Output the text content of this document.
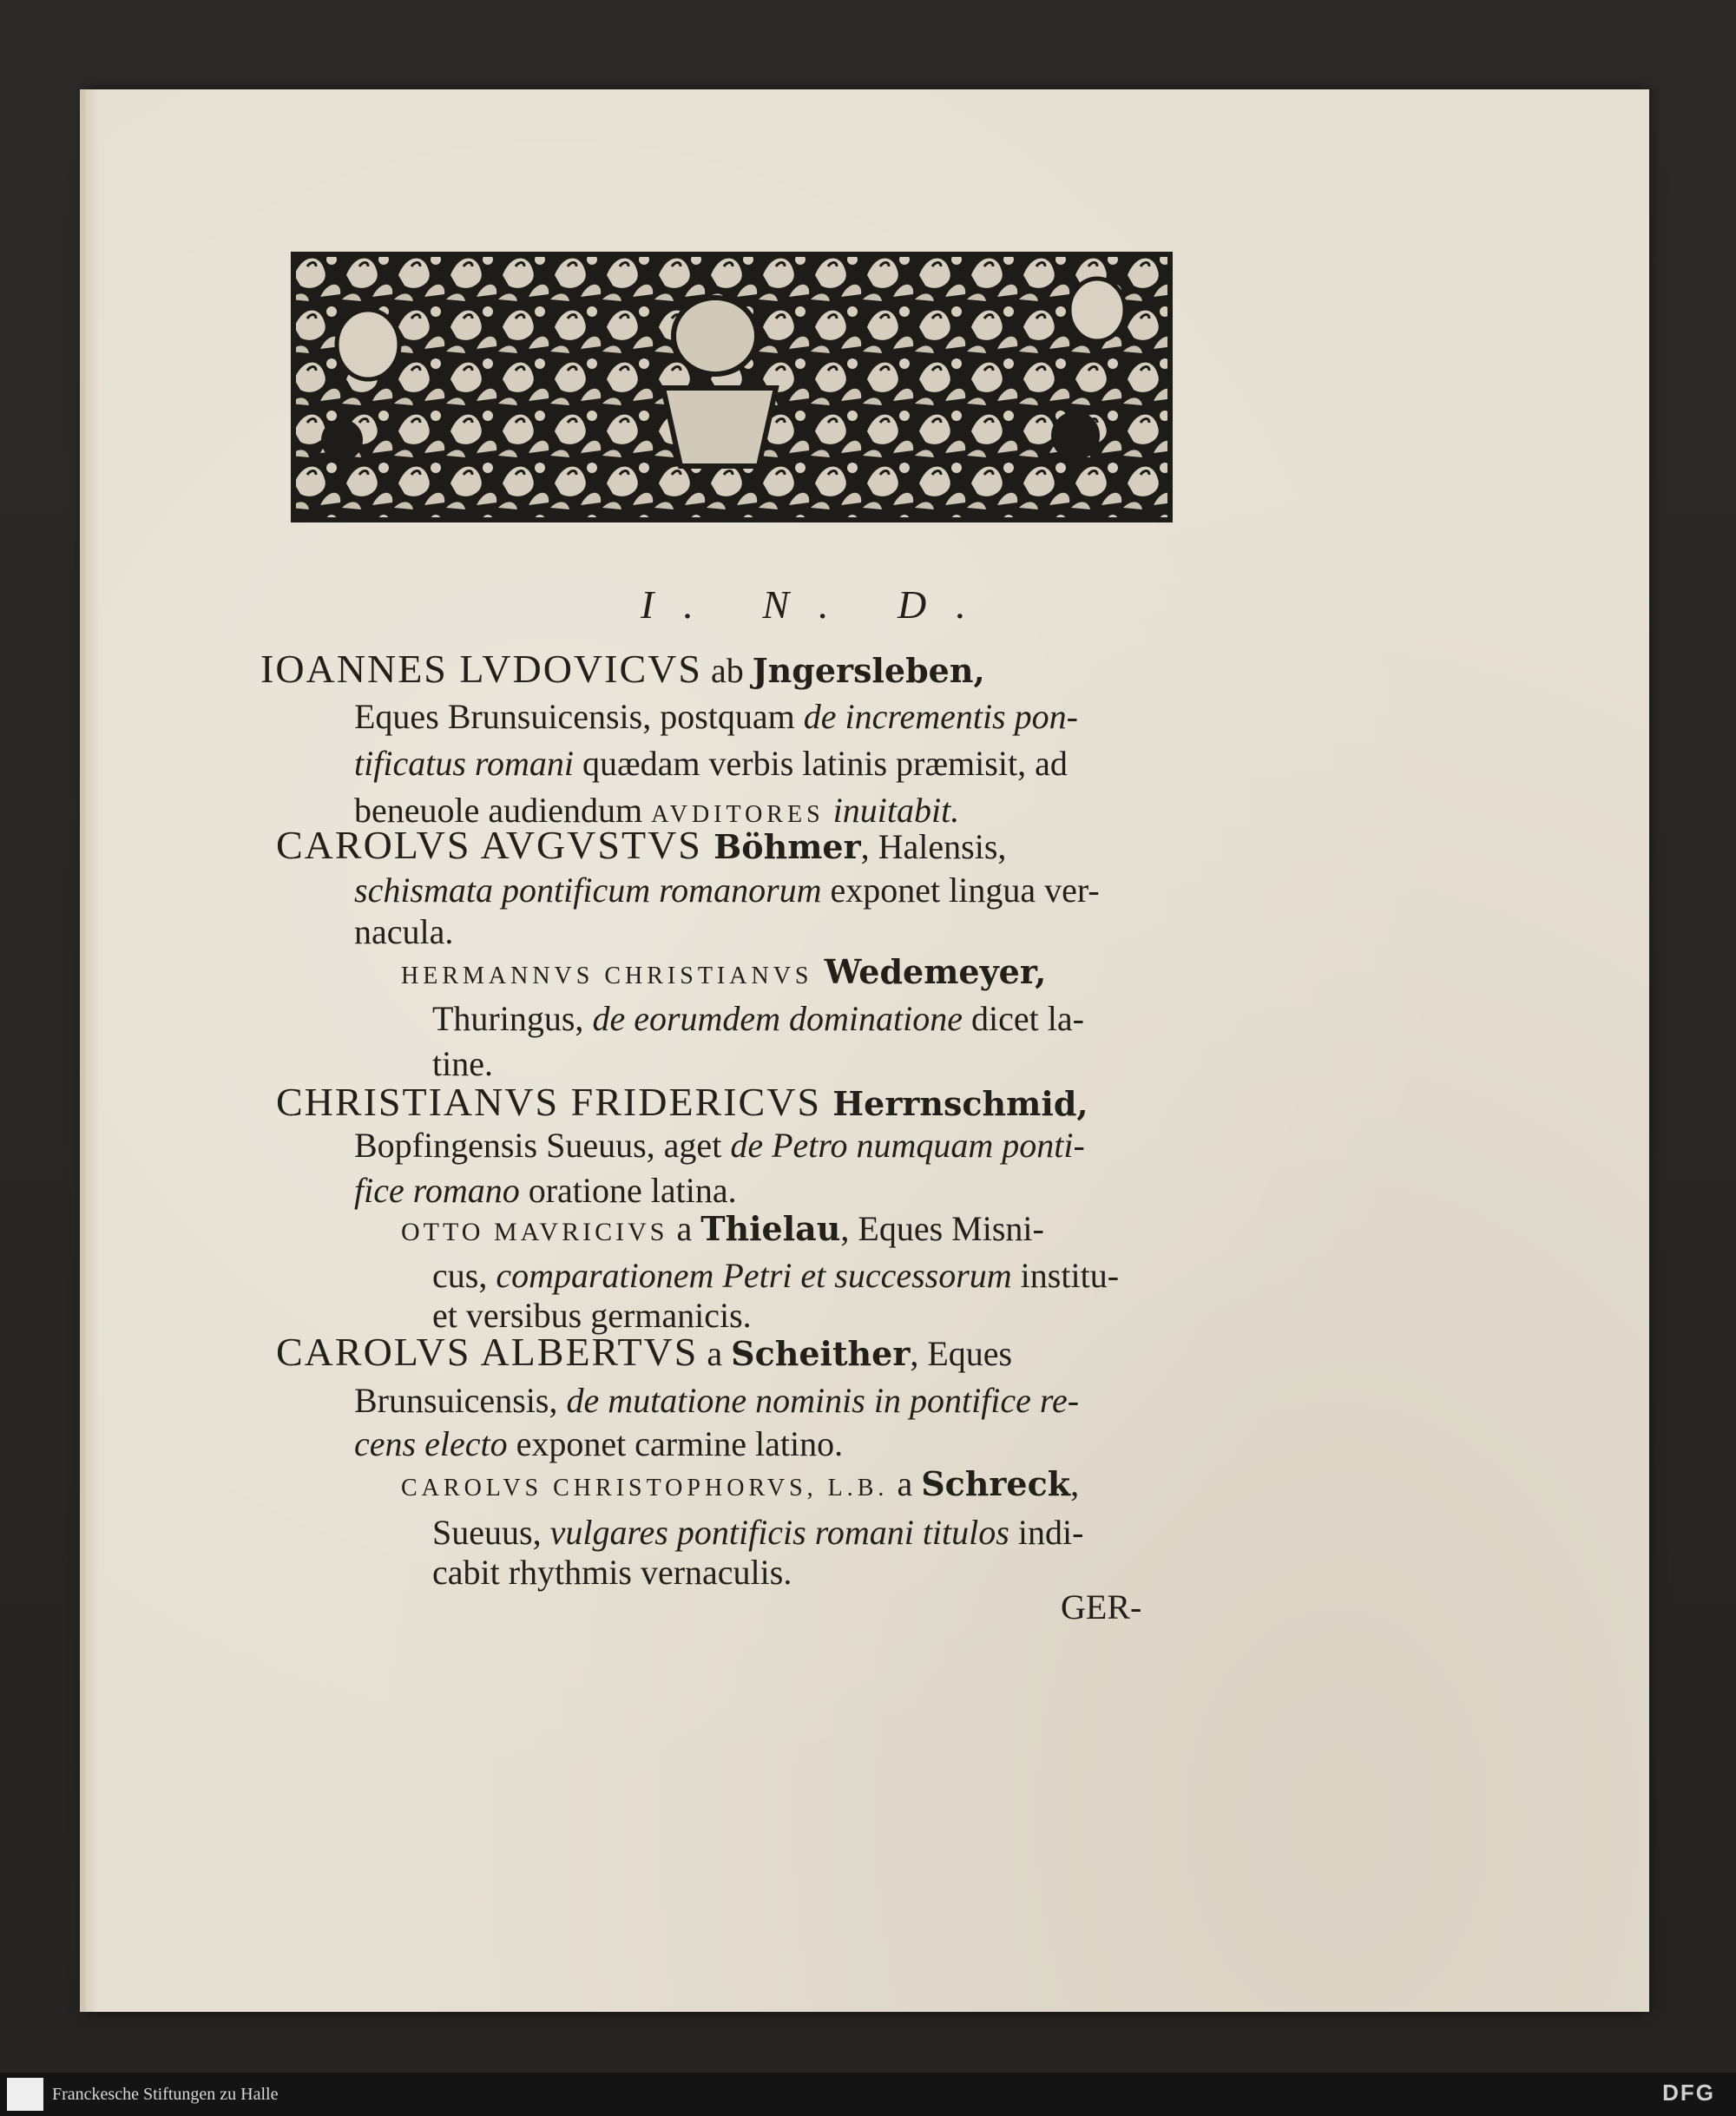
I. N. D.
IOANNES LVDOVICVS ab Jngersleben,
Eques Brunsuicensis, postquam de incrementis pon-
tificatus romani quædam verbis latinis præmisit, ad
beneuole audiendum AVDITORES inuitabit.
CAROLVS AVGVSTVS Böhmer, Halensis,
schismata pontificum romanorum exponet lingua ver-
nacula.
HERMANNVS CHRISTIANVS Wedemeyer,
Thuringus, de eorumdem dominatione dicet la-
tine.
CHRISTIANVS FRIDERICVS Herrnschmid,
Bopfingensis Sueuus, aget de Petro numquam ponti-
fice romano oratione latina.
OTTO MAVRICIVS a Thielau, Eques Misni-
cus, comparationem Petri et successorum institu-
et versibus germanicis.
CAROLVS ALBERTVS a Scheither, Eques
Brunsuicensis, de mutatione nominis in pontifice re-
cens electo exponet carmine latino.
CAROLVS CHRISTOPHORVS, L.B. a Schreck,
Sueuus, vulgares pontificis romani titulos indi-
cabit rhythmis vernaculis.
GER-
Franckesche Stiftungen zu Halle	DFG
